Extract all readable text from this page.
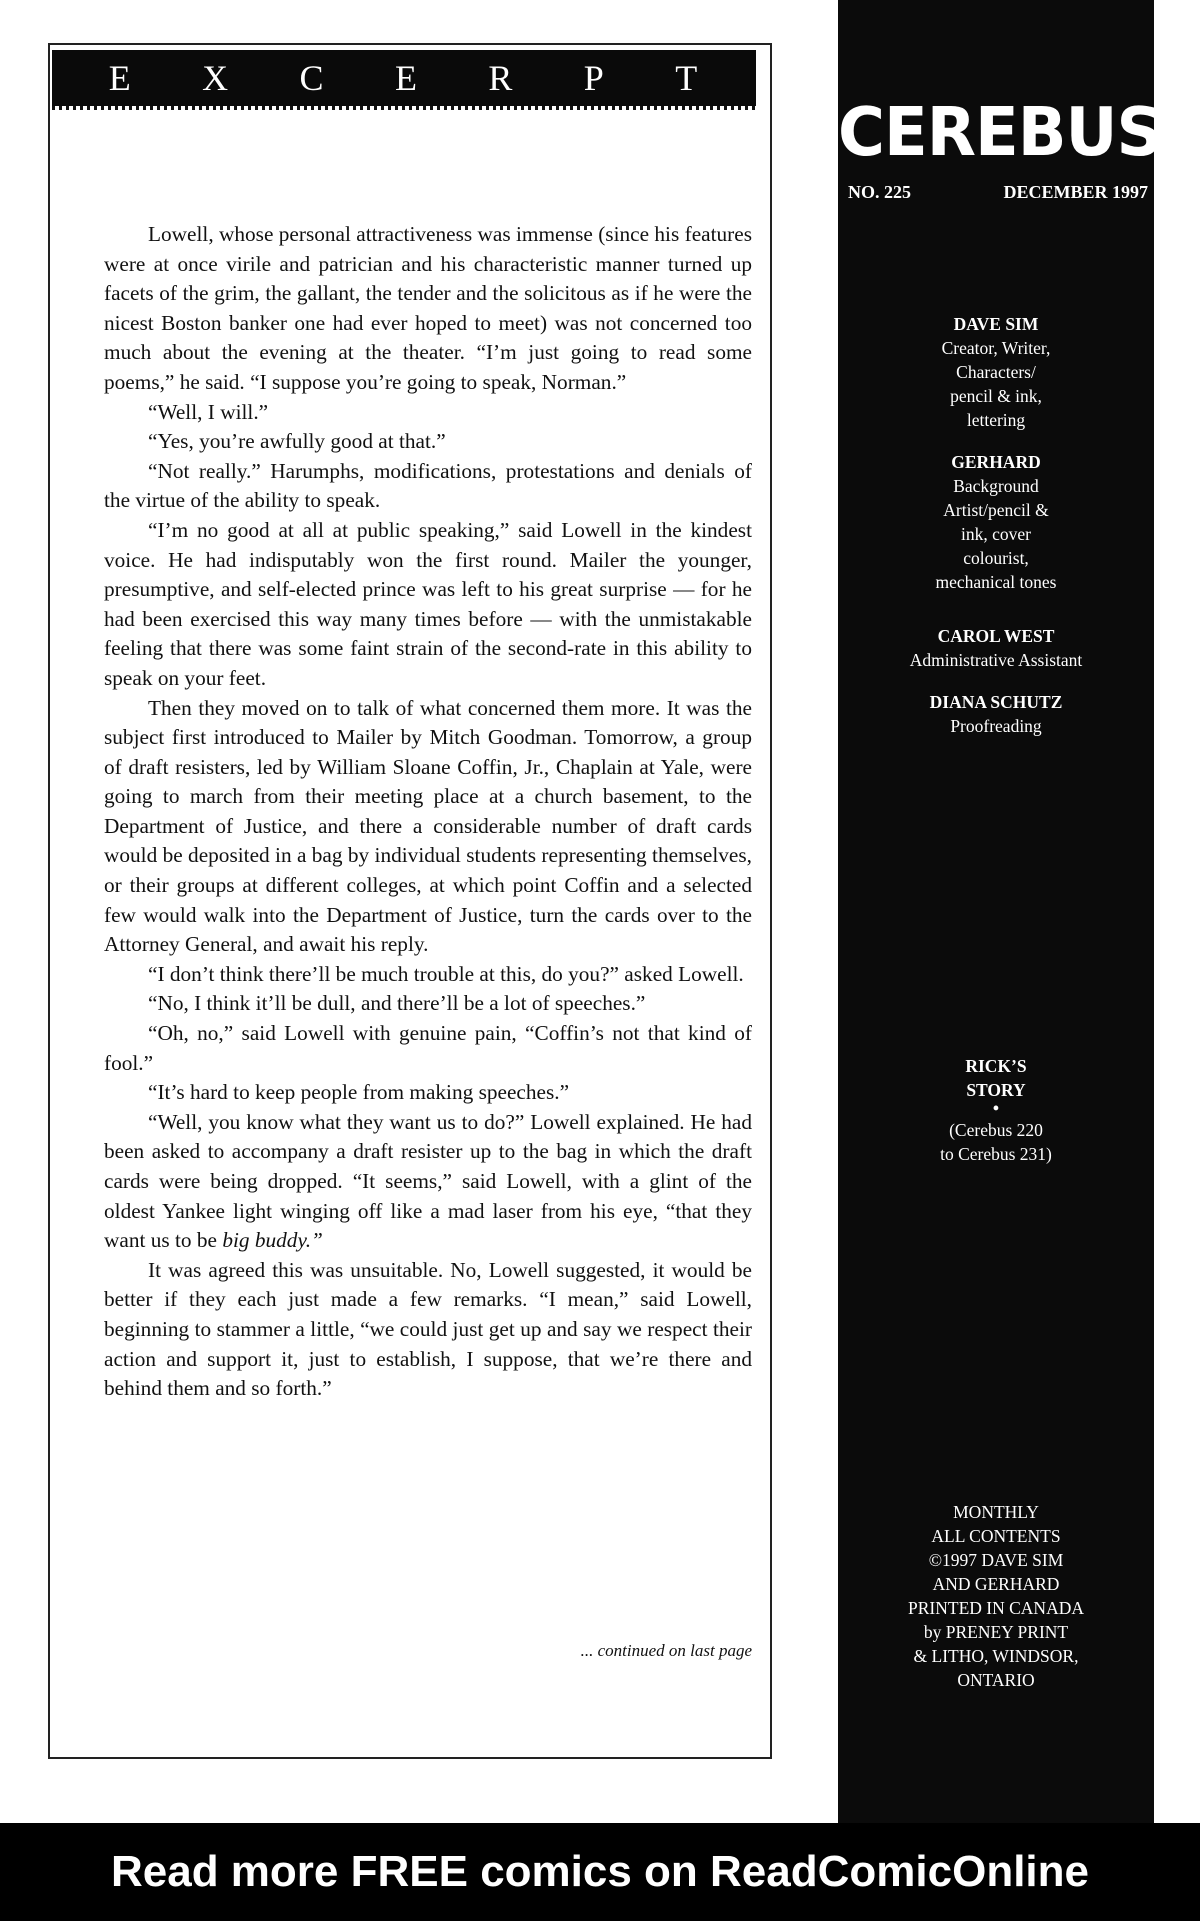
E X C E R P T

Lowell, whose personal attractiveness was immense (since his features were at once virile and patrician and his characteristic manner turned up facets of the grim, the gallant, the tender and the solicitous as if he were the nicest Boston banker one had ever hoped to meet) was not concerned too much about the evening at the theater. “I’m just going to read some poems,” he said. “I suppose you’re going to speak, Norman.”

“Well, I will.”

“Yes, you’re awfully good at that.”

“Not really.” Harumphs, modifications, protestations and denials of the virtue of the ability to speak.

“I’m no good at all at public speaking,” said Lowell in the kindest voice. He had indisputably won the first round. Mailer the younger, presumptive, and self-elected prince was left to his great surprise — for he had been exercised this way many times before — with the unmistakable feeling that there was some faint strain of the second-rate in this ability to speak on your feet.

Then they moved on to talk of what concerned them more. It was the subject first introduced to Mailer by Mitch Goodman. Tomorrow, a group of draft resisters, led by William Sloane Coffin, Jr., Chaplain at Yale, were going to march from their meeting place at a church basement, to the Department of Justice, and there a considerable number of draft cards would be deposited in a bag by individual students representing themselves, or their groups at different colleges, at which point Coffin and a selected few would walk into the Department of Justice, turn the cards over to the Attorney General, and await his reply.

“I don’t think there’ll be much trouble at this, do you?” asked Lowell.

“No, I think it’ll be dull, and there’ll be a lot of speeches.”

“Oh, no,” said Lowell with genuine pain, “Coffin’s not that kind of fool.”

“It’s hard to keep people from making speeches.”

“Well, you know what they want us to do?” Lowell explained. He had been asked to accompany a draft resister up to the bag in which the draft cards were being dropped. “It seems,” said Lowell, with a glint of the oldest Yankee light winging off like a mad laser from his eye, “that they want us to be big buddy.”

It was agreed this was unsuitable. No, Lowell suggested, it would be better if they each just made a few remarks. “I mean,” said Lowell, beginning to stammer a little, “we could just get up and say we respect their action and support it, just to establish, I suppose, that we’re there and behind them and so forth.”

... continued on last page
CEREBUS
NO. 225	DECEMBER 1997
DAVE SIM
Creator, Writer,
Characters/
pencil & ink,
lettering
GERHARD
Background
Artist/pencil &
ink, cover
colourist,
mechanical tones
CAROL WEST
Administrative Assistant
DIANA SCHUTZ
Proofreading
RICK’S
STORY
•
(Cerebus 220
to Cerebus 231)
MONTHLY
ALL CONTENTS
©1997 DAVE SIM
AND GERHARD
PRINTED IN CANADA
by PRENEY PRINT
& LITHO, WINDSOR,
ONTARIO
Read more FREE comics on ReadComicOnline
